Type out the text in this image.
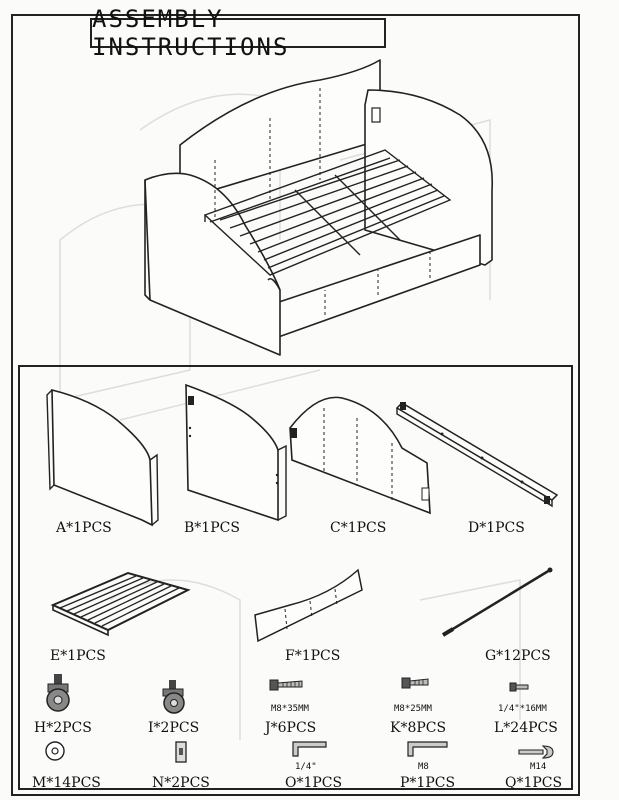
ASSEMBLY INSTRUCTIONS
A*1PCS	B*1PCS	C*1PCS	D*1PCS
E*1PCS	F*1PCS	G*12PCS
H*2PCS	I*2PCS
M8*35MM
J*6PCS
M8*25MM
K*8PCS
1/4"*16MM
L*24PCS
M*14PCS	N*2PCS
1/4"
O*1PCS
M8
P*1PCS
M14
Q*1PCS
